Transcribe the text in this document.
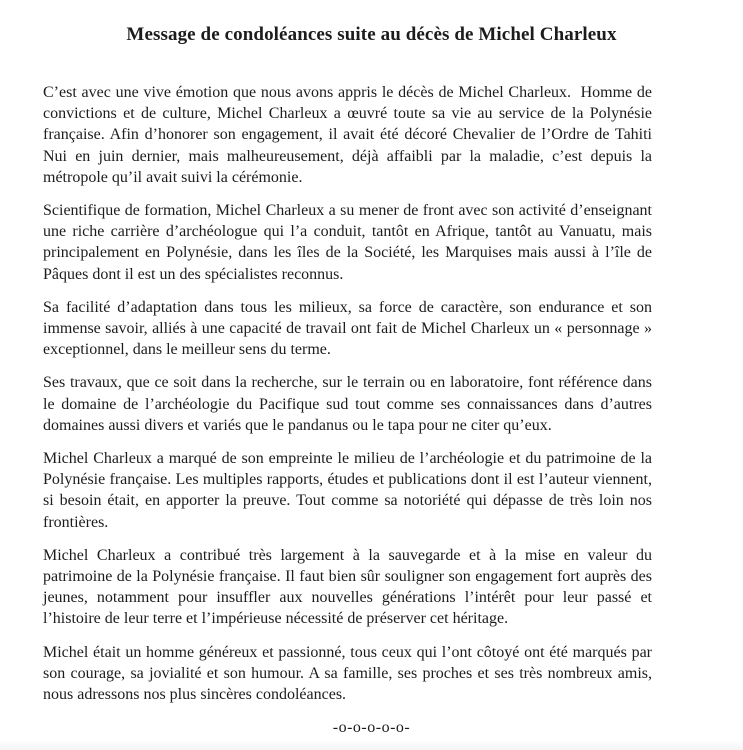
Message de condoléances suite au décès de Michel Charleux

C’est avec une vive émotion que nous avons appris le décès de Michel Charleux.  Homme de convictions et de culture, Michel Charleux a œuvré toute sa vie au service de la Polynésie française. Afin d’honorer son engagement, il avait été décoré Chevalier de l’Ordre de Tahiti Nui en juin dernier, mais malheureusement, déjà affaibli par la maladie, c’est depuis la métropole qu’il avait suivi la cérémonie.

Scientifique de formation, Michel Charleux a su mener de front avec son activité d’enseignant une riche carrière d’archéologue qui l’a conduit, tantôt en Afrique, tantôt au Vanuatu, mais principalement en Polynésie, dans les îles de la Société, les Marquises mais aussi à l’île de Pâques dont il est un des spécialistes reconnus.

Sa facilité d’adaptation dans tous les milieux, sa force de caractère, son endurance et son immense savoir, alliés à une capacité de travail ont fait de Michel Charleux un « personnage » exceptionnel, dans le meilleur sens du terme.

Ses travaux, que ce soit dans la recherche, sur le terrain ou en laboratoire, font référence dans le domaine de l’archéologie du Pacifique sud tout comme ses connaissances dans d’autres domaines aussi divers et variés que le pandanus ou le tapa pour ne citer qu’eux.

Michel Charleux a marqué de son empreinte le milieu de l’archéologie et du patrimoine de la Polynésie française. Les multiples rapports, études et publications dont il est l’auteur viennent, si besoin était, en apporter la preuve. Tout comme sa notoriété qui dépasse de très loin nos frontières.

Michel Charleux a contribué très largement à la sauvegarde et à la mise en valeur du patrimoine de la Polynésie française. Il faut bien sûr souligner son engagement fort auprès des jeunes, notamment pour insuffler aux nouvelles générations l’intérêt pour leur passé et l’histoire de leur terre et l’impérieuse nécessité de préserver cet héritage.

Michel était un homme généreux et passionné, tous ceux qui l’ont côtoyé ont été marqués par son courage, sa jovialité et son humour. A sa famille, ses proches et ses très nombreux amis, nous adressons nos plus sincères condoléances.

-o-o-o-o-o-
